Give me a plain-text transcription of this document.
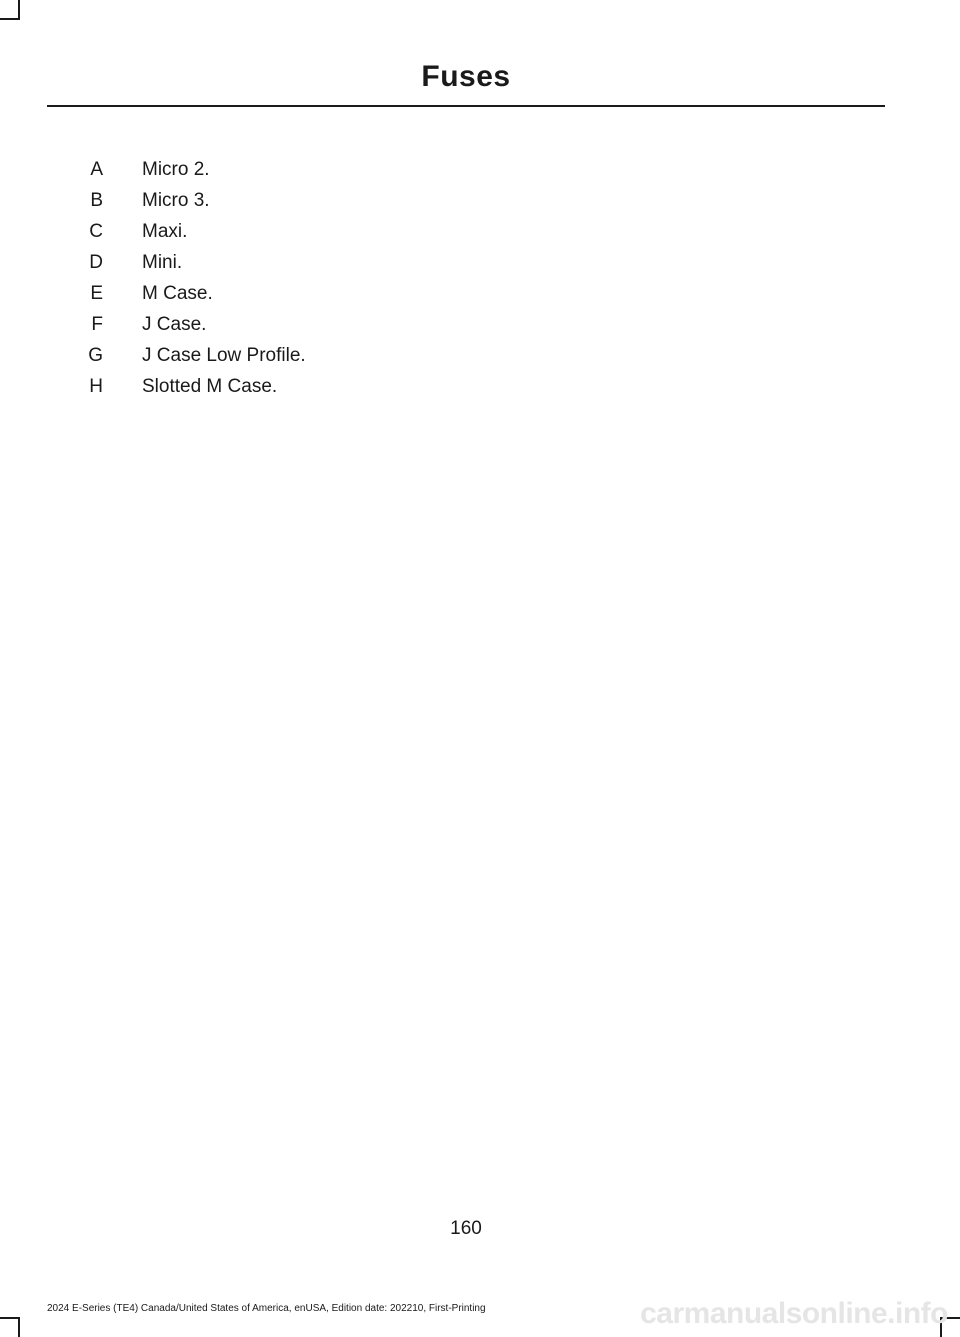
Fuses
A	Micro 2.
B	Micro 3.
C	Maxi.
D	Mini.
E	M Case.
F	J Case.
G	J Case Low Profile.
H	Slotted M Case.
160
2024 E-Series (TE4) Canada/United States of America, enUSA, Edition date: 202210, First-Printing	carmanualsonline.info
